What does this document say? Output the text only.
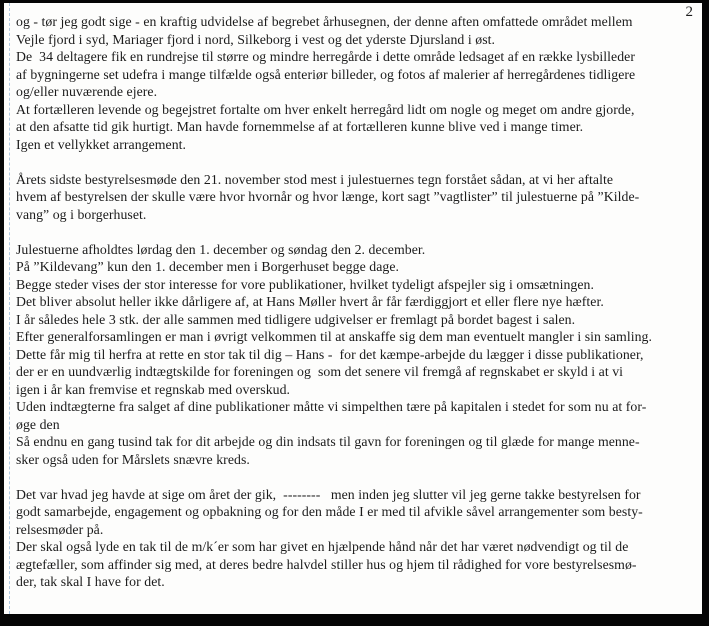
2
og - tør jeg godt sige - en kraftig udvidelse af begrebet århusegnen, der denne aften omfattede området mellem
Vejle fjord i syd, Mariager fjord i nord, Silkeborg i vest og det yderste Djursland i øst.
De  34 deltagere fik en rundrejse til større og mindre herregårde i dette område ledsaget af en række lysbilleder
af bygningerne set udefra i mange tilfælde også enteriør billeder, og fotos af malerier af herregårdenes tidligere
og/eller nuværende ejere.
At fortælleren levende og begejstret fortalte om hver enkelt herregård lidt om nogle og meget om andre gjorde,
at den afsatte tid gik hurtigt. Man havde fornemmelse af at fortælleren kunne blive ved i mange timer.
Igen et vellykket arrangement.
Årets sidste bestyrelsesmøde den 21. november stod mest i julestuernes tegn forstået sådan, at vi her aftalte
hvem af bestyrelsen der skulle være hvor hvornår og hvor længe, kort sagt ”vagtlister” til julestuerne på ”Kilde-
vang” og i borgerhuset.
Julestuerne afholdtes lørdag den 1. december og søndag den 2. december.
På ”Kildevang” kun den 1. december men i Borgerhuset begge dage.
Begge steder vises der stor interesse for vore publikationer, hvilket tydeligt afspejler sig i omsætningen.
Det bliver absolut heller ikke dårligere af, at Hans Møller hvert år får færdiggjort et eller flere nye hæfter.
I år således hele 3 stk. der alle sammen med tidligere udgivelser er fremlagt på bordet bagest i salen.
Efter generalforsamlingen er man i øvrigt velkommen til at anskaffe sig dem man eventuelt mangler i sin samling.
Dette får mig til herfra at rette en stor tak til dig – Hans -  for det kæmpe-arbejde du lægger i disse publikationer,
der er en uundværlig indtægtskilde for foreningen og  som det senere vil fremgå af regnskabet er skyld i at vi
igen i år kan fremvise et regnskab med overskud.
Uden indtægterne fra salget af dine publikationer måtte vi simpelthen tære på kapitalen i stedet for som nu at for-
øge den
Så endnu en gang tusind tak for dit arbejde og din indsats til gavn for foreningen og til glæde for mange menne-
sker også uden for Mårslets snævre kreds.
Det var hvad jeg havde at sige om året der gik,  --------   men inden jeg slutter vil jeg gerne takke bestyrelsen for
godt samarbejde, engagement og opbakning og for den måde I er med til afvikle såvel arrangementer som besty-
relsesmøder på.
Der skal også lyde en tak til de m/k´er som har givet en hjælpende hånd når det har været nødvendigt og til de
ægtefæller, som affinder sig med, at deres bedre halvdel stiller hus og hjem til rådighed for vore bestyrelsesmø-
der, tak skal I have for det.
